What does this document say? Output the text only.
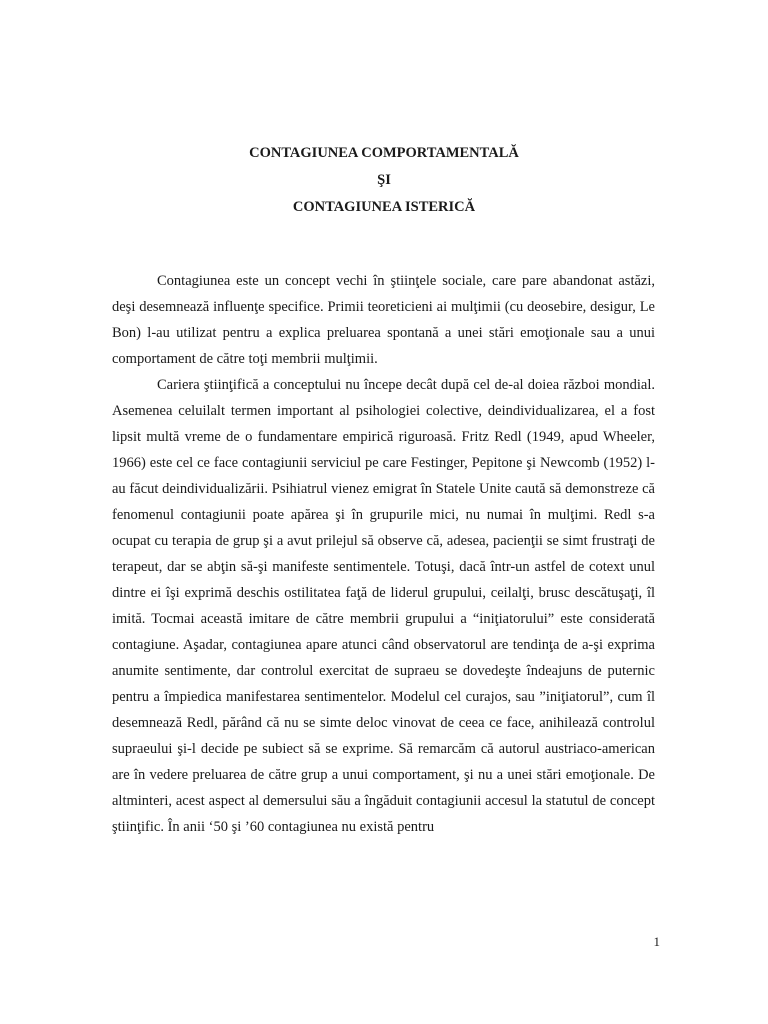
CONTAGIUNEA COMPORTAMENTALĂ
ŞI
CONTAGIUNEA ISTERICĂ

Contagiunea este un concept vechi în ştiinţele sociale, care pare abandonat astăzi, deşi desemnează influenţe specifice. Primii teoreticieni ai mulţimii (cu deosebire, desigur, Le Bon) l-au utilizat pentru a explica preluarea spontană a unei stări emoţionale sau a unui comportament de către toţi membrii mulţimii.

Cariera ştiinţifică a conceptului nu începe decât după cel de-al doiea război mondial. Asemenea celuilalt termen important al psihologiei colective, deindividualizarea, el a fost lipsit multă vreme de o fundamentare empirică riguroasă. Fritz Redl (1949, apud Wheeler, 1966) este cel ce face contagiunii serviciul pe care Festinger, Pepitone şi Newcomb (1952) l-au făcut deindividualizării. Psihiatrul vienez emigrat în Statele Unite caută să demonstreze că fenomenul contagiunii poate apărea şi în grupurile mici, nu numai în mulţimi. Redl s-a ocupat cu terapia de grup şi a avut prilejul să observe că, adesea, pacienţii se simt frustraţi de terapeut, dar se abţin să-şi manifeste sentimentele. Totuşi, dacă într-un astfel de cotext unul dintre ei îşi exprimă deschis ostilitatea faţă de liderul grupului, ceilalţi, brusc descătuşaţi, îl imită. Tocmai această imitare de către membrii grupului a “iniţiatorului” este considerată contagiune. Aşadar, contagiunea apare atunci când observatorul are tendinţa de a-şi exprima anumite sentimente, dar controlul exercitat de supraeu se dovedeşte îndeajuns de puternic pentru a împiedica manifestarea sentimentelor. Modelul cel curajos, sau ”iniţiatorul”, cum îl desemnează Redl, părând că nu se simte deloc vinovat de ceea ce face, anihilează controlul supraeului şi-l decide pe subiect să se exprime. Să remarcăm că autorul austriaco-american are în vedere preluarea de către grup a unui comportament, şi nu a unei stări emoţionale. De altminteri, acest aspect al demersului său a îngăduit contagiunii accesul la statutul de concept ştiinţific. În anii ‘50 şi ’60 contagiunea nu există pentru

1
